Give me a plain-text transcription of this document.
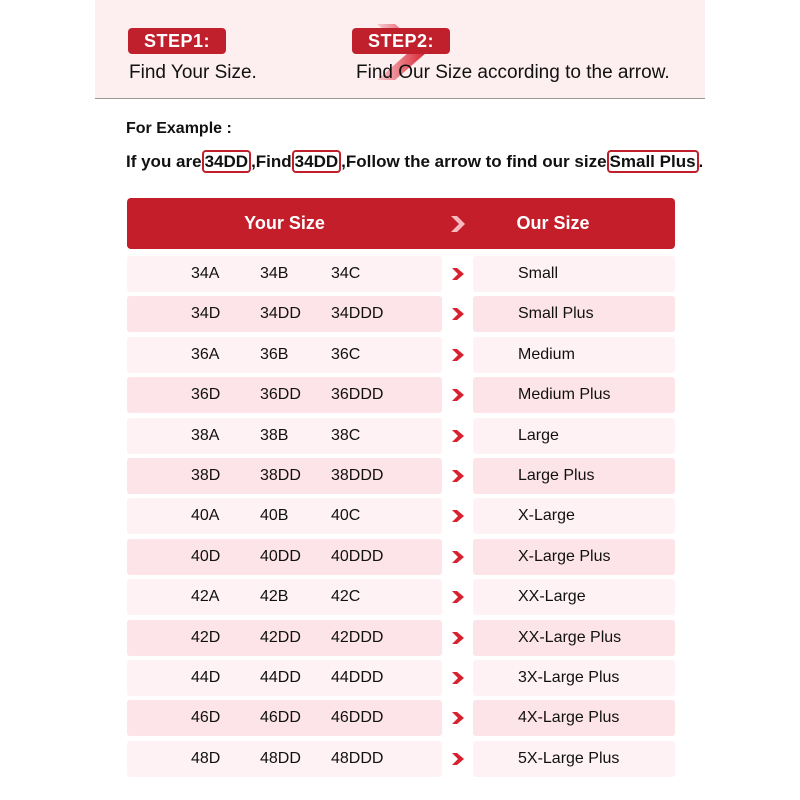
STEP1:
Find Your Size.
STEP2:
Find Our Size according to the arrow.
For Example :
If you are 34DD ,Find 34DD ,Follow the arrow to find our size Small Plus .
Your Size	Our Size
34A	34B	34C	Small
34D 34DD 34DDD	Small Plus
36A	36B	36C	Medium
36D 36DD 36DDD	Medium Plus
38A	38B	38C	Large
38D 38DD 38DDD	Large Plus
40A	40B	40C	X-Large
40D 40DD 40DDD	X-Large Plus
42A	42B	42C	XX-Large
42D 42DD 42DDD	XX-Large Plus
44D 44DD 44DDD	3X-Large Plus
46D 46DD 46DDD	4X-Large Plus
48D 48DD 48DDD	5X-Large Plus
